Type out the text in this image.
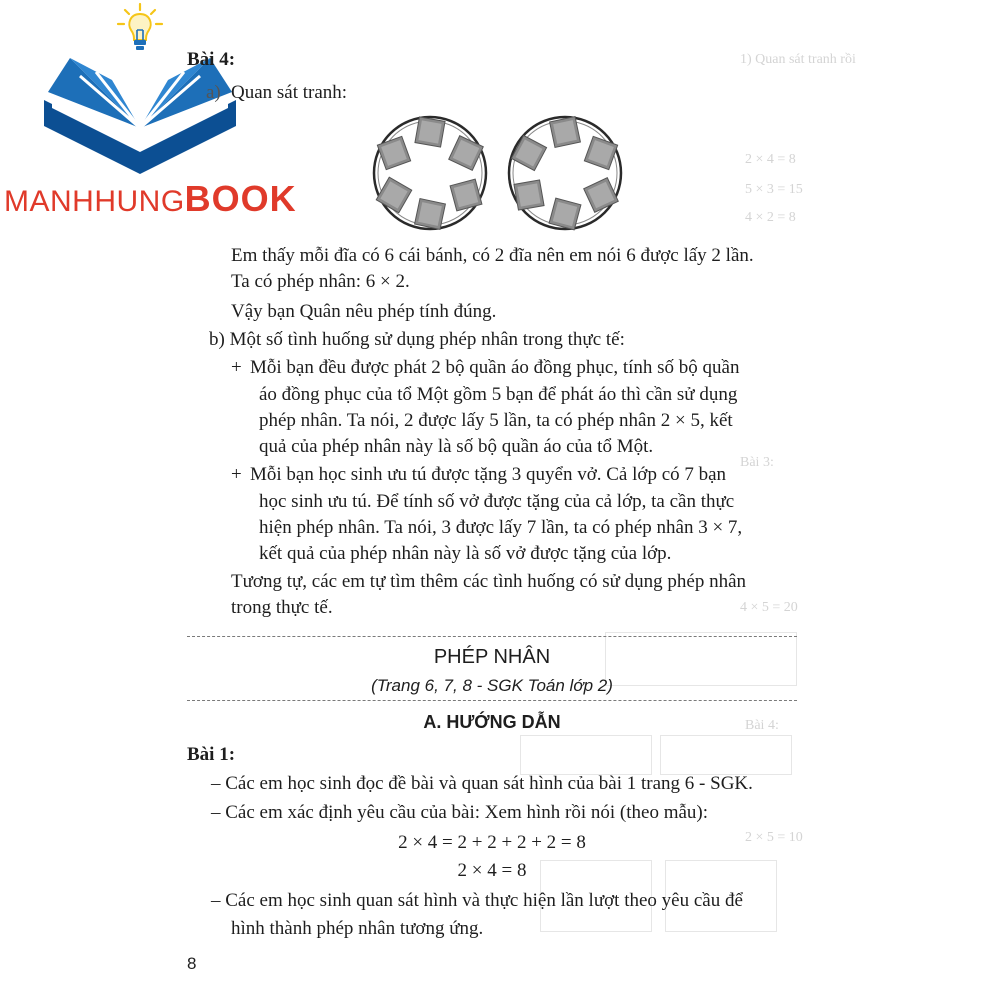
1) Quan sát tranh rồi
2 × 4 = 8
5 × 3 = 15
4 × 2 = 8
Bài 3:
4 × 5 = 20
Bài 4:
2 × 5 = 10
MANHHUNGBOOK
Bài 4:
a) Quan sát tranh:
Em thấy mỗi đĩa có 6 cái bánh, có 2 đĩa nên em nói 6 được lấy 2 lần.
Ta có phép nhân: 6 × 2.
Vậy bạn Quân nêu phép tính đúng.
b) Một số tình huống sử dụng phép nhân trong thực tế:
+ Mỗi bạn đều được phát 2 bộ quần áo đồng phục, tính số bộ quần
áo đồng phục của tổ Một gồm 5 bạn để phát áo thì cần sử dụng
phép nhân. Ta nói, 2 được lấy 5 lần, ta có phép nhân 2 × 5, kết
quả của phép nhân này là số bộ quần áo của tổ Một.
+ Mỗi bạn học sinh ưu tú được tặng 3 quyển vở. Cả lớp có 7 bạn
học sinh ưu tú. Để tính số vở được tặng của cả lớp, ta cần thực
hiện phép nhân. Ta nói, 3 được lấy 7 lần, ta có phép nhân 3 × 7,
kết quả của phép nhân này là số vở được tặng của lớp.
Tương tự, các em tự tìm thêm các tình huống có sử dụng phép nhân
trong thực tế.
PHÉP NHÂN
(Trang 6, 7, 8 - SGK Toán lớp 2)
A. HƯỚNG DẪN
Bài 1:
– Các em học sinh đọc đề bài và quan sát hình của bài 1 trang 6 - SGK.
– Các em xác định yêu cầu của bài: Xem hình rồi nói (theo mẫu):
2 × 4 = 2 + 2 + 2 + 2 = 8
2 × 4 = 8
– Các em học sinh quan sát hình và thực hiện lần lượt theo yêu cầu để
hình thành phép nhân tương ứng.
8
